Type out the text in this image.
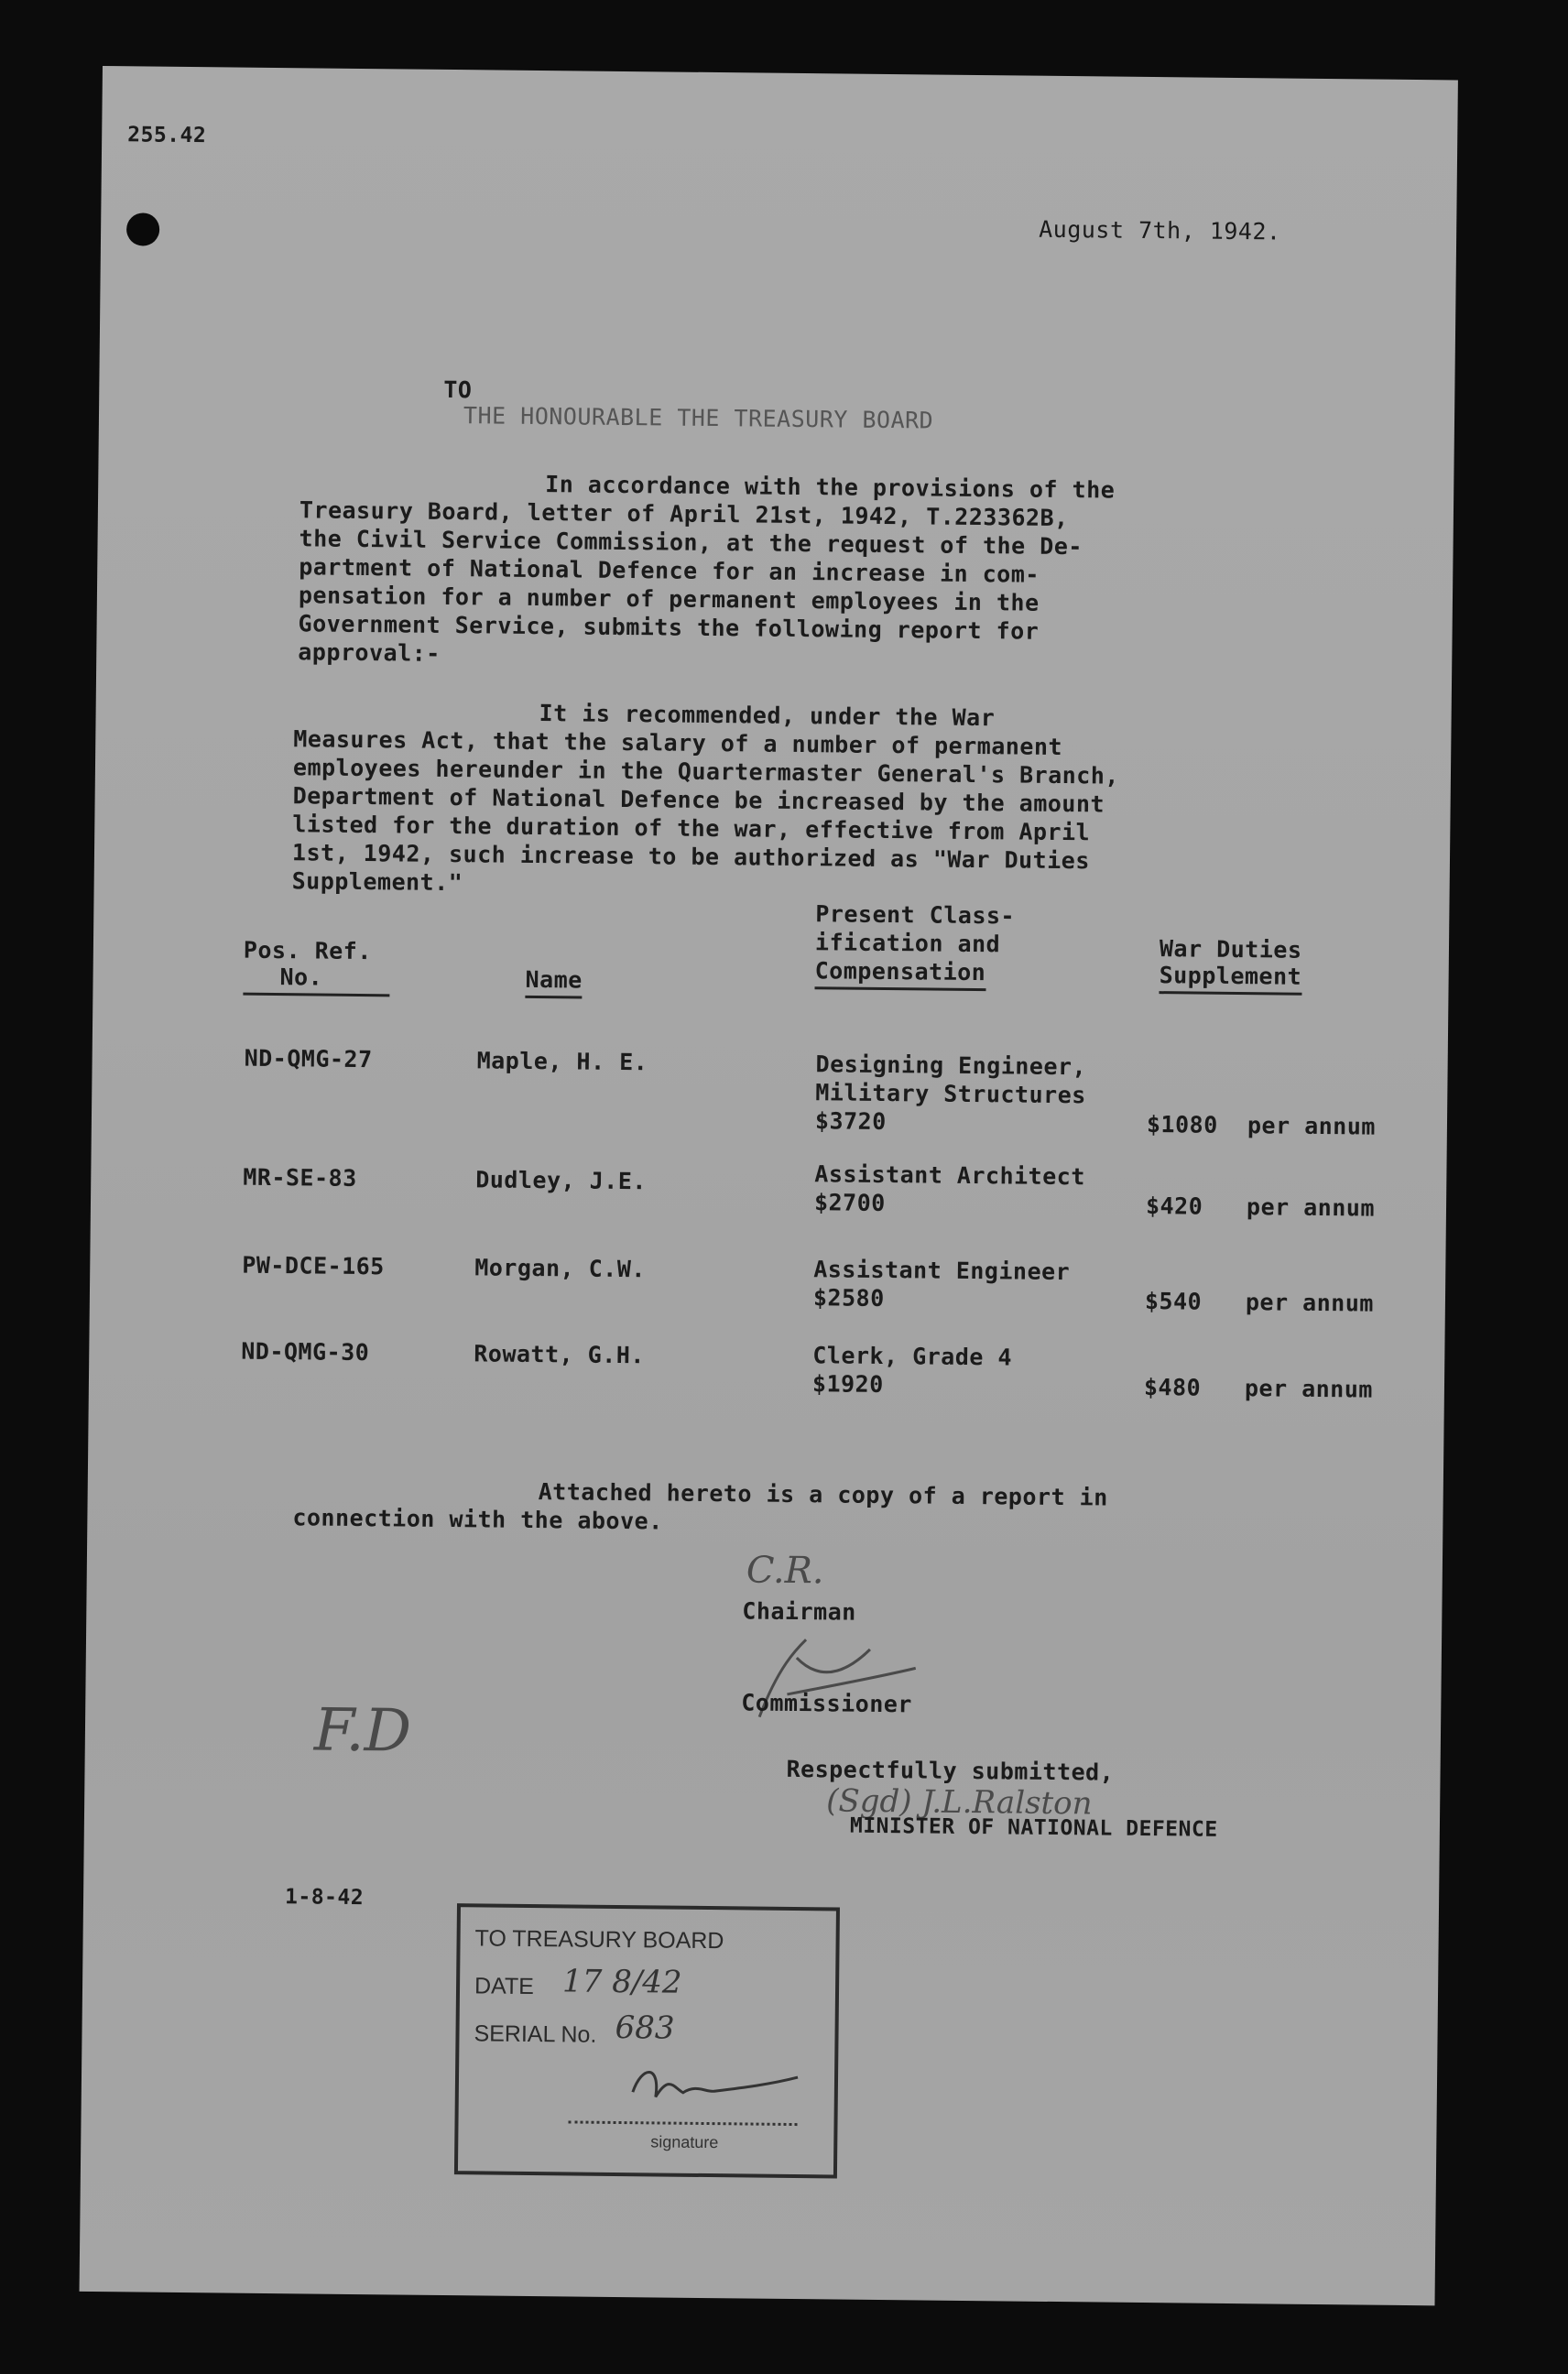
255.42
August 7th, 1942.
TO
THE HONOURABLE THE TREASURY BOARD
In accordance with the provisions of the
Treasury Board, letter of April 21st, 1942, T.223362B,
the Civil Service Commission, at the request of the De-
partment of National Defence for an increase in com-
pensation for a number of permanent employees in the
Government Service, submits the following report for
approval:-
It is recommended, under the War
Measures Act, that the salary of a number of permanent
employees hereunder in the Quartermaster General's Branch,
Department of National Defence be increased by the amount
listed for the duration of the war, effective from April
1st, 1942, such increase to be authorized as "War Duties
Supplement."
Pos. Ref.
No.	Name
Present Class-
ification and
Compensation
War Duties
Supplement
ND-QMG-27	Maple, H. E.	Designing Engineer,
Military Structures
$3720	$1080 per annum
MR-SE-83	Dudley, J.E.	Assistant Architect
$2700	$420 per annum
PW-DCE-165	Morgan, C.W.	Assistant Engineer
$2580	$540 per annum
ND-QMG-30	Rowatt, G.H.	Clerk, Grade 4
$1920	$480 per annum
Attached hereto is a copy of a report in
connection with the above.
C.R.
Chairman
Commissioner
F.D
Respectfully submitted,
(Sgd) J.L.Ralston
MINISTER OF NATIONAL DEFENCE
1-8-42
TO TREASURY BOARD
DATE 17 8/42
SERIAL No. 683
signature
